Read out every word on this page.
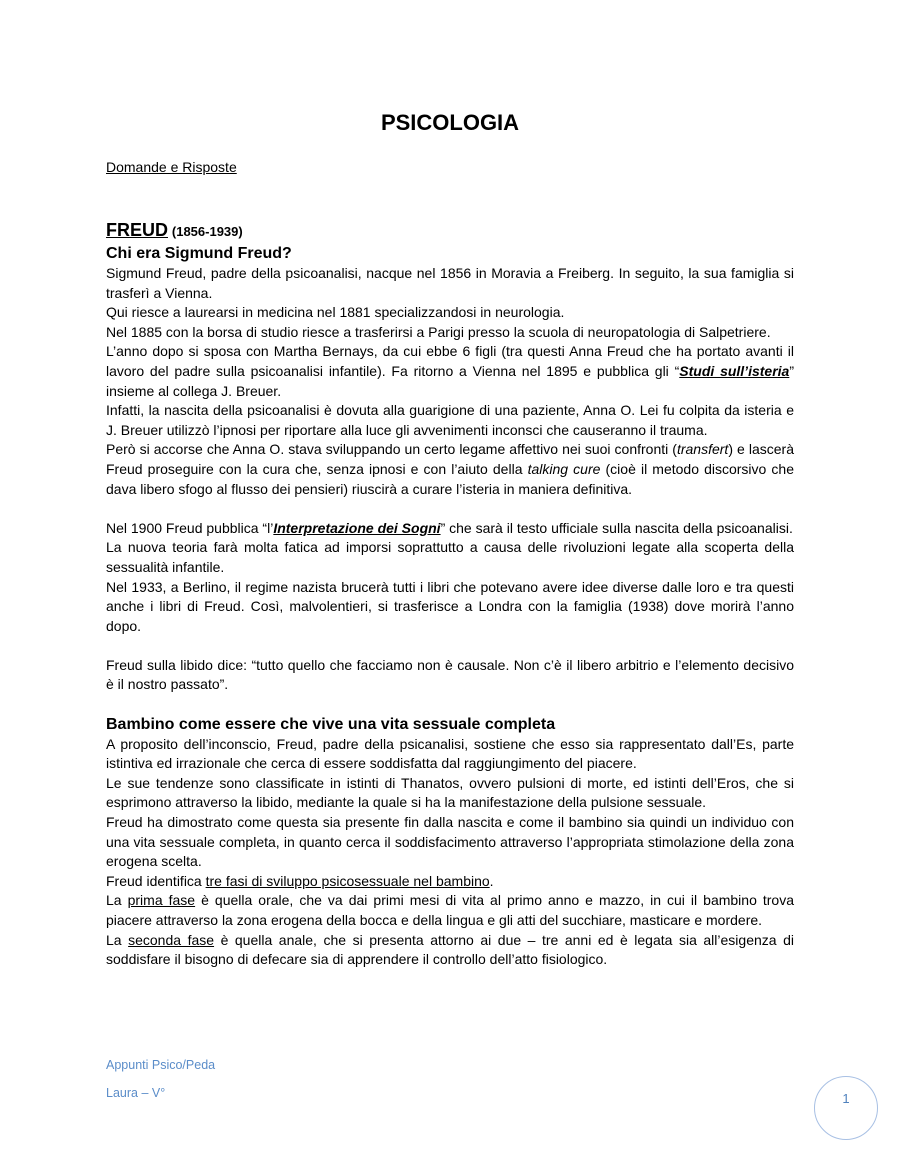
PSICOLOGIA
Domande e Risposte

FREUD (1856-1939)

Chi era Sigmund Freud?

Sigmund Freud, padre della psicoanalisi, nacque nel 1856 in Moravia a Freiberg. In seguito, la sua famiglia si trasferì a Vienna.

Qui riesce a laurearsi in medicina nel 1881 specializzandosi in neurologia.

Nel 1885 con la borsa di studio riesce a trasferirsi a Parigi presso la scuola di neuropatologia di Salpetriere.

L’anno dopo si sposa con Martha Bernays, da cui ebbe 6 figli (tra questi Anna Freud che ha portato avanti il lavoro del padre sulla psicoanalisi infantile). Fa ritorno a Vienna nel 1895 e pubblica gli “Studi sull’isteria” insieme al collega J. Breuer.

Infatti, la nascita della psicoanalisi è dovuta alla guarigione di una paziente, Anna O. Lei fu colpita da isteria e J. Breuer utilizzò l’ipnosi per riportare alla luce gli avvenimenti inconsci che causeranno il trauma.

Però si accorse che Anna O. stava sviluppando un certo legame affettivo nei suoi confronti (transfert) e lascerà Freud proseguire con la cura che, senza ipnosi e con l’aiuto della talking cure (cioè il metodo discorsivo che dava libero sfogo al flusso dei pensieri) riuscirà a curare l’isteria in maniera definitiva.

Nel 1900 Freud pubblica “l’Interpretazione dei Sogni” che sarà il testo ufficiale sulla nascita della psicoanalisi.

La nuova teoria farà molta fatica ad imporsi soprattutto a causa delle rivoluzioni legate alla scoperta della sessualità infantile.

Nel 1933, a Berlino, il regime nazista brucerà tutti i libri che potevano avere idee diverse dalle loro e tra questi anche i libri di Freud. Così, malvolentieri, si trasferisce a Londra con la famiglia (1938) dove morirà l’anno dopo.

Freud sulla libido dice: “tutto quello che facciamo non è causale. Non c’è il libero arbitrio e l’elemento decisivo è il nostro passato”.

Bambino come essere che vive una vita sessuale completa

A proposito dell’inconscio, Freud, padre della psicanalisi, sostiene che esso sia rappresentato dall’Es, parte istintiva ed irrazionale che cerca di essere soddisfatta dal raggiungimento del piacere.

Le sue tendenze sono classificate in istinti di Thanatos, ovvero pulsioni di morte, ed istinti dell’Eros, che si esprimono attraverso la libido, mediante la quale si ha la manifestazione della pulsione sessuale.

Freud ha dimostrato come questa sia presente fin dalla nascita e come il bambino sia quindi un individuo con una vita sessuale completa, in quanto cerca il soddisfacimento attraverso l’appropriata stimolazione della zona erogena scelta.

Freud identifica tre fasi di sviluppo psicosessuale nel bambino.

La prima fase è quella orale, che va dai primi mesi di vita al primo anno e mazzo, in cui il bambino trova piacere attraverso la zona erogena della bocca e della lingua e gli atti del succhiare, masticare e mordere.

La seconda fase è quella anale, che si presenta attorno ai due – tre anni ed è legata sia all’esigenza di soddisfare il bisogno di defecare sia di apprendere il controllo dell’atto fisiologico.

Appunti Psico/Peda
Laura – V°	1
